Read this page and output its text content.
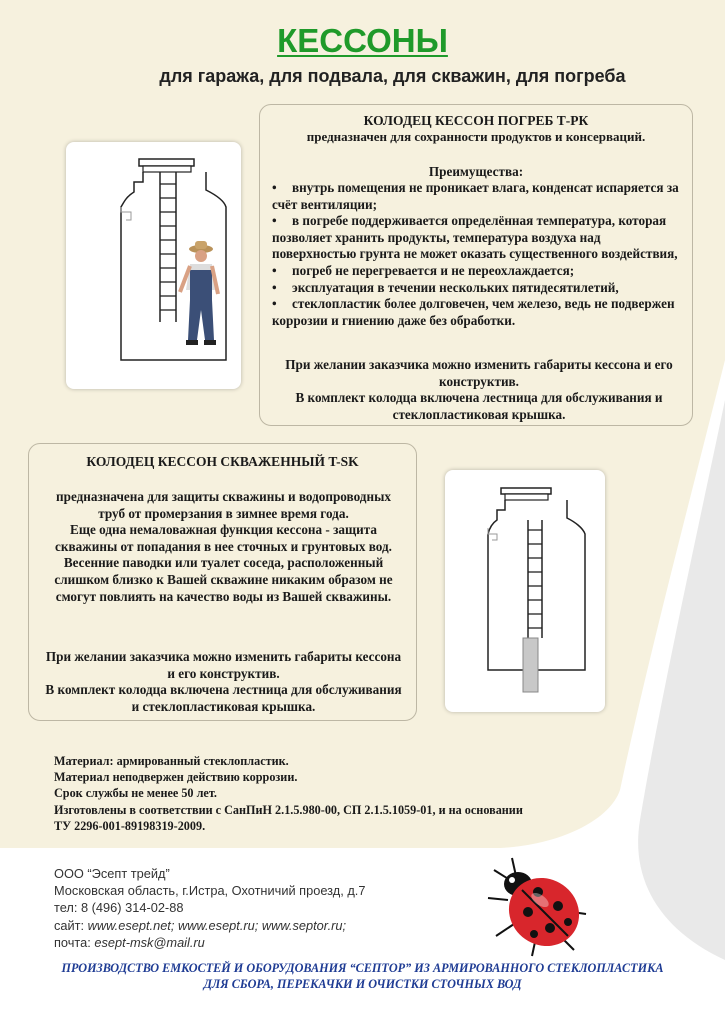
КЕССОНЫ
для гаража, для подвала, для скважин, для погреба
КОЛОДЕЦ КЕССОН ПОГРЕБ Т-РК
предназначен для сохранности продуктов и консерваций.
Преимущества:
• внутрь помещения не проникает влага, конденсат испаряется за счёт вентиляции;
• в погребе поддерживается определённая температура, которая позволяет хранить продукты, температура воздуха над поверхностью грунта не может оказать существенного воздействия,
• погреб не перегревается и не переохлаждается;
• эксплуатация в течении нескольких пятидесятилетий,
• стеклопластик более долговечен, чем железо, ведь не подвержен коррозии и гниению даже без обработки.
При желании заказчика можно изменить габариты кессона и его конструктив.
В комплект колодца включена лестница для обслуживания и стеклопластиковая крышка.
КОЛОДЕЦ КЕССОН СКВАЖЕННЫЙ T-SK
предназначена для защиты скважины и водопроводных труб от промерзания в зимнее время года.
Еще одна немаловажная функция кессона - защита скважины от попадания в нее сточных и грунтовых вод. Весенние паводки или туалет соседа, расположенный слишком близко к Вашей скважине никаким образом не смогут повлиять на качество воды из Вашей скважины.
При желании заказчика можно изменить габариты кессона и его конструктив.
В комплект колодца включена лестница для обслуживания и стеклопластиковая крышка.
Материал: армированный стеклопластик.
Материал неподвержен действию коррозии.
Срок службы не менее 50 лет.
Изготовлены в соответствии с СанПиН 2.1.5.980-00, СП 2.1.5.1059-01, и на основании
ТУ 2296-001-89198319-2009.
ООО “Эсепт трейд”
Московская область, г.Истра, Охотничий проезд, д.7
тел: 8 (496) 314-02-88
сайт: www.esept.net; www.esept.ru; www.septor.ru;
почта: esept-msk@mail.ru
ПРОИЗВОДСТВО ЕМКОСТЕЙ И ОБОРУДОВАНИЯ “СЕПТОР” ИЗ АРМИРОВАННОГО СТЕКЛОПЛАСТИКА
ДЛЯ СБОРА, ПЕРЕКАЧКИ И ОЧИСТКИ СТОЧНЫХ ВОД
